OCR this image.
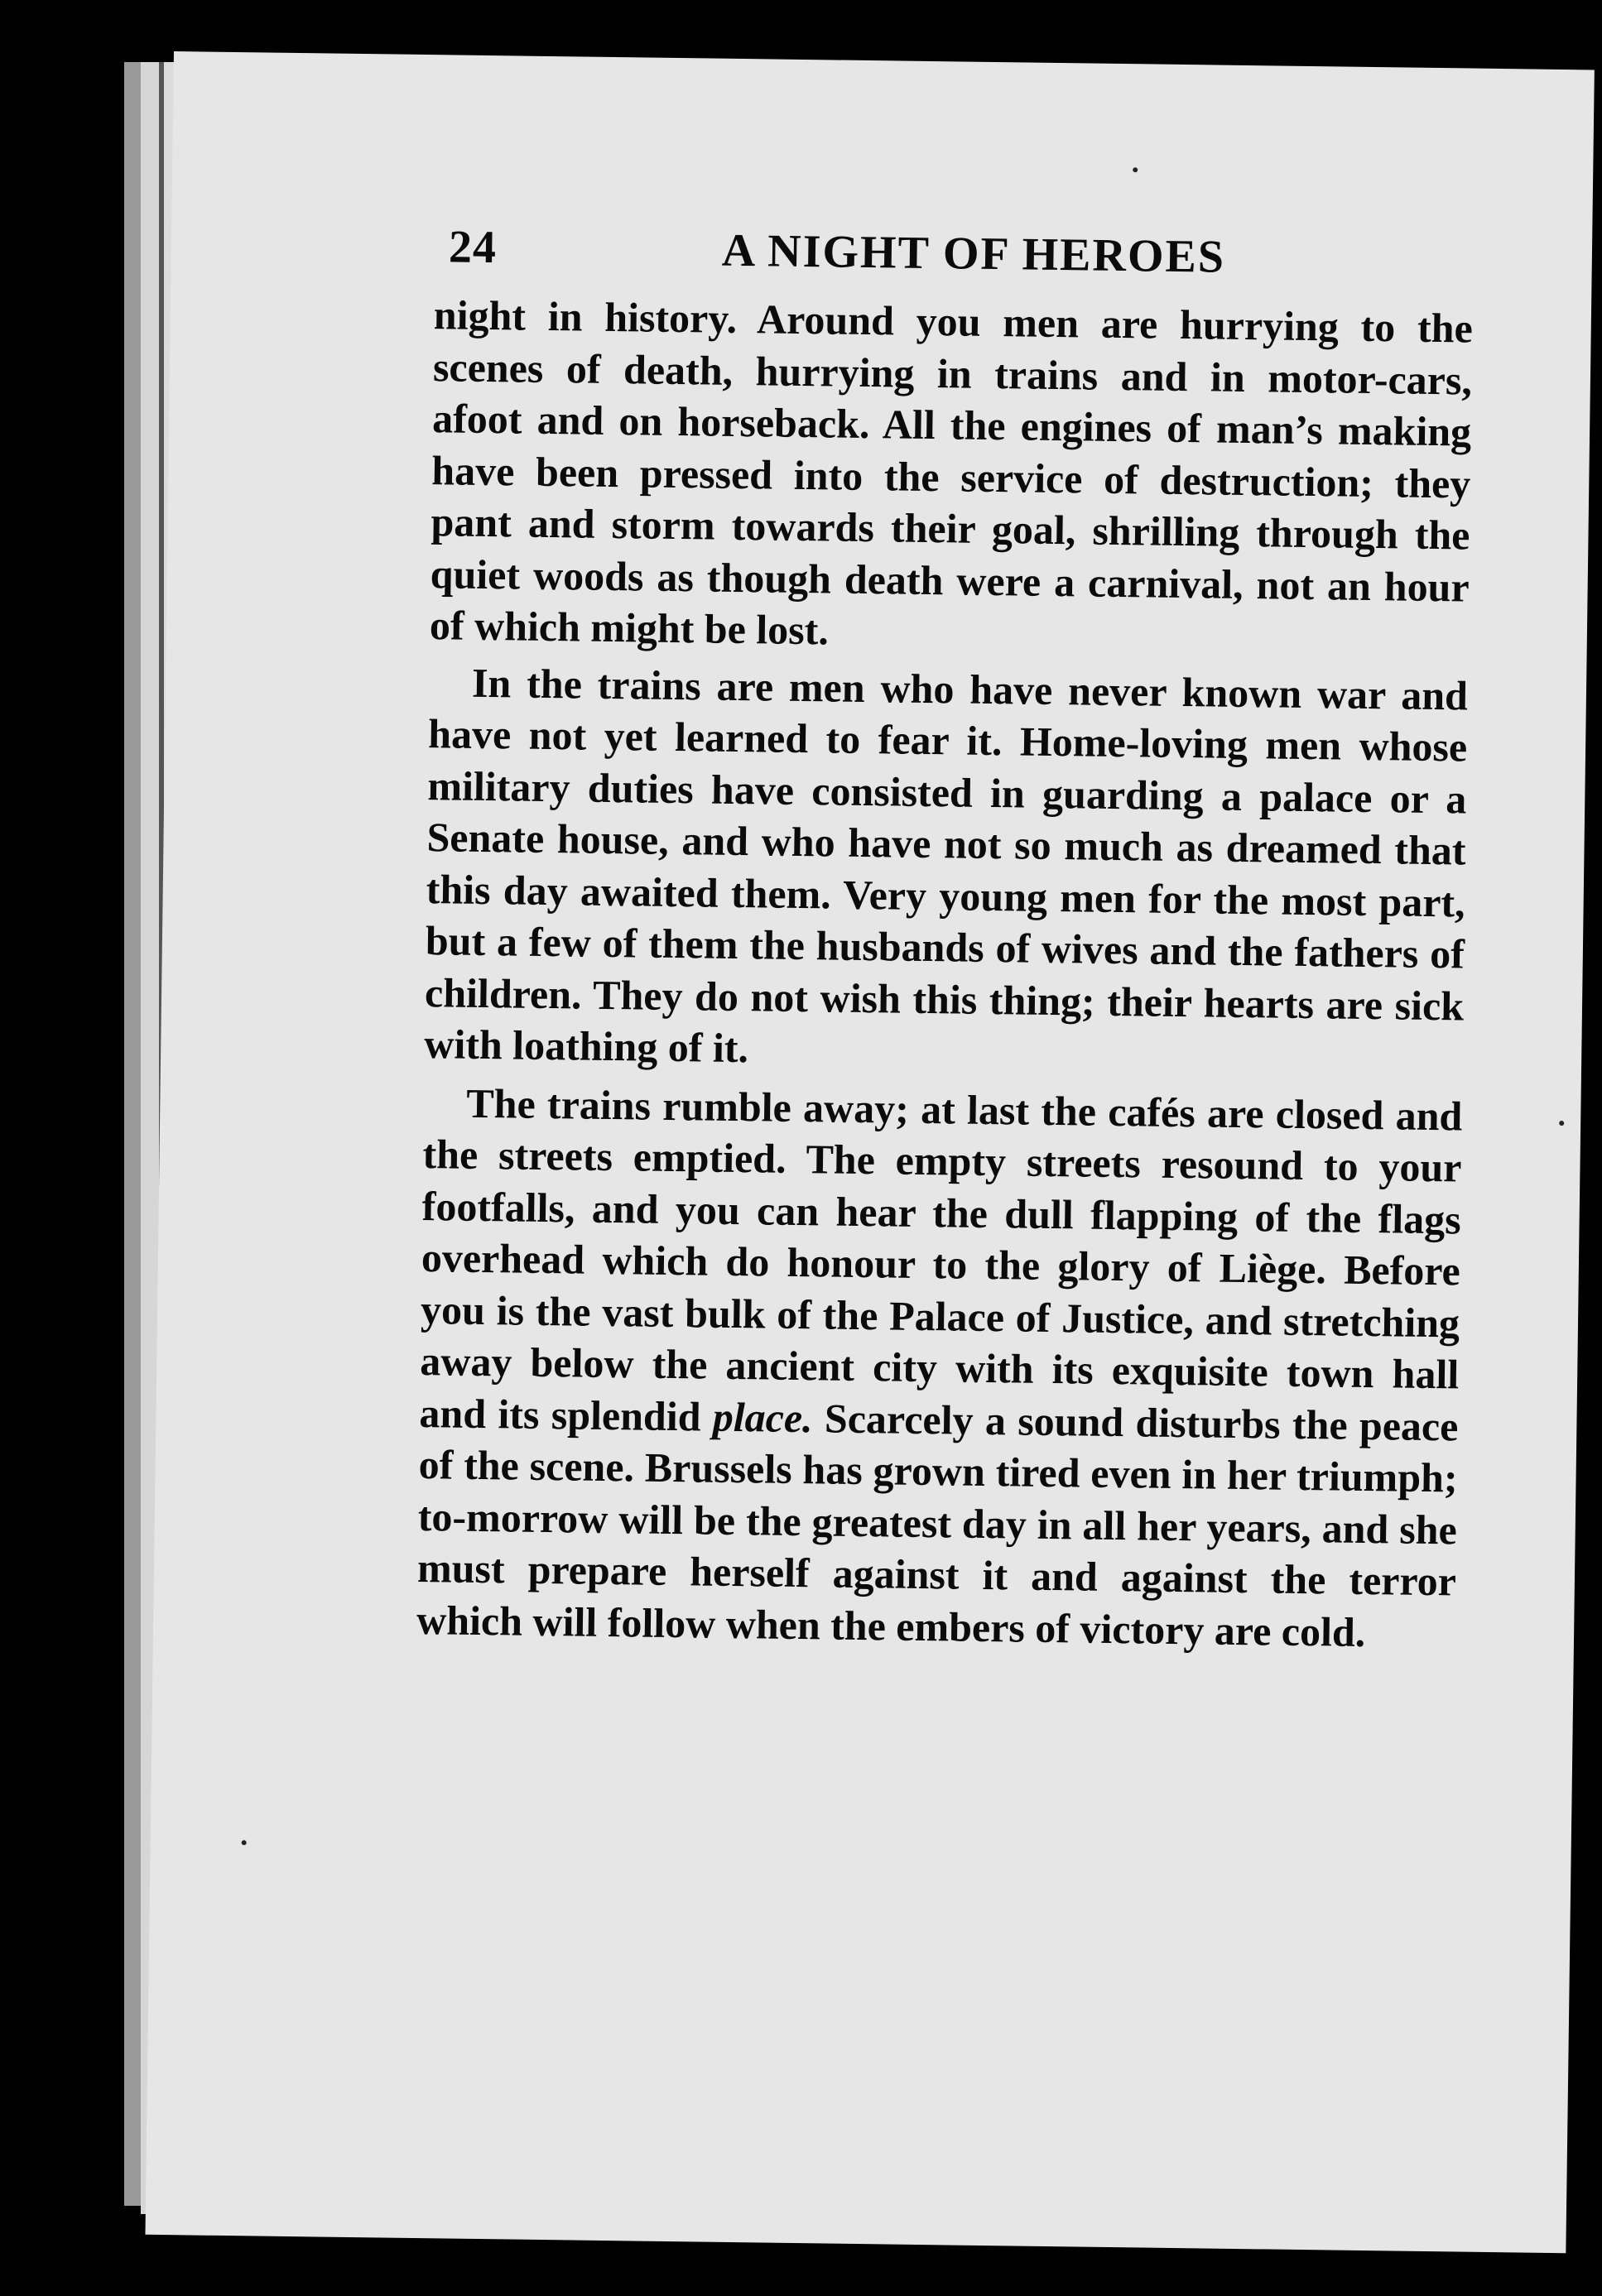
24	A NIGHT OF HEROES

night in history. Around you men are hurrying to the scenes of death, hurrying in trains and in motor-cars, afoot and on horseback. All the engines of man’s making have been pressed into the service of destruction; they pant and storm towards their goal, shrilling through the quiet woods as though death were a carnival, not an hour of which might be lost.

In the trains are men who have never known war and have not yet learned to fear it. Home-loving men whose military duties have consisted in guarding a palace or a Senate house, and who have not so much as dreamed that this day awaited them. Very young men for the most part, but a few of them the husbands of wives and the fathers of children. They do not wish this thing; their hearts are sick with loathing of it.

The trains rumble away; at last the cafés are closed and the streets emptied. The empty streets resound to your footfalls, and you can hear the dull flapping of the flags overhead which do honour to the glory of Liège. Before you is the vast bulk of the Palace of Justice, and stretching away below the ancient city with its exquisite town hall and its splendid place. Scarcely a sound disturbs the peace of the scene. Brussels has grown tired even in her triumph; to-morrow will be the greatest day in all her years, and she must prepare herself against it and against the terror which will follow when the embers of victory are cold.
